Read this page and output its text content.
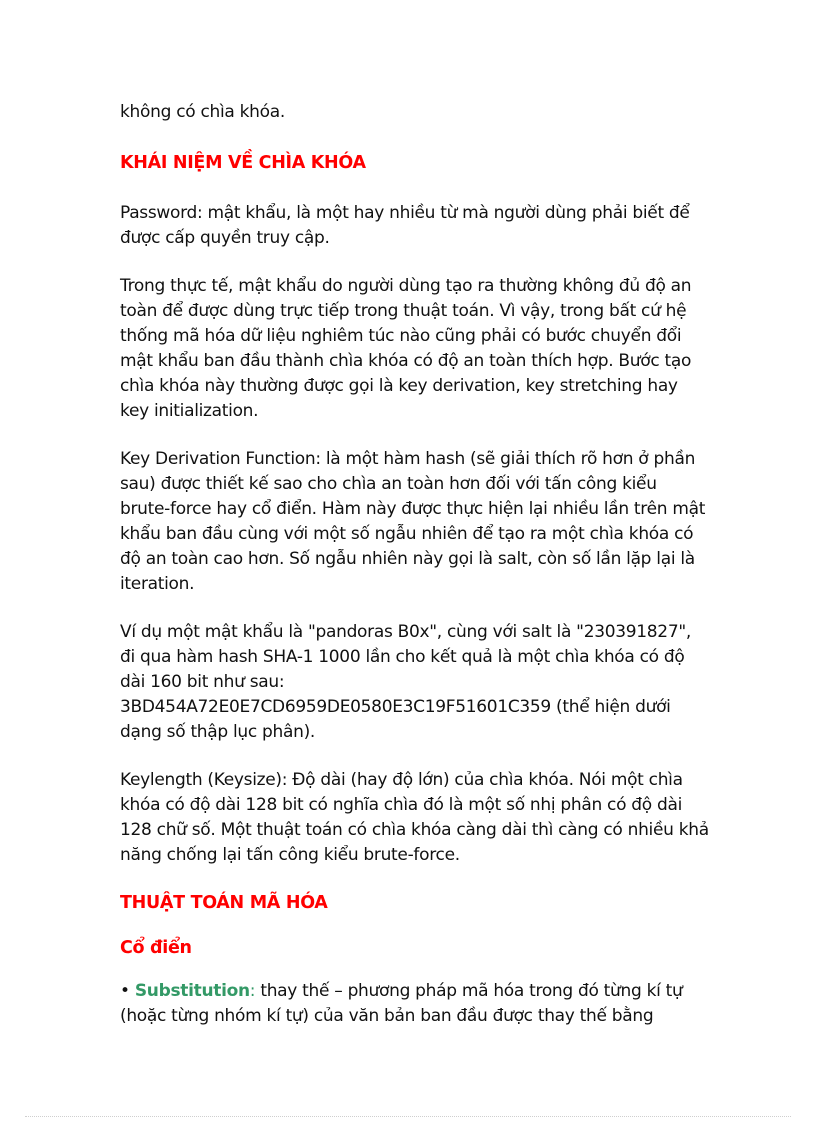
không có chìa khóa.

KHÁI NIỆM VỀ CHÌA KHÓA

Password: mật khẩu, là một hay nhiều từ mà người dùng phải biết để được cấp quyền truy cập.

Trong thực tế, mật khẩu do người dùng tạo ra thường không đủ độ an toàn để được dùng trực tiếp trong thuật toán. Vì vậy, trong bất cứ hệ thống mã hóa dữ liệu nghiêm túc nào cũng phải có bước chuyển đổi mật khẩu ban đầu thành chìa khóa có độ an toàn thích hợp. Bước tạo chìa khóa này thường được gọi là key derivation, key stretching hay key initialization.

Key Derivation Function: là một hàm hash (sẽ giải thích rõ hơn ở phần sau) được thiết kế sao cho chìa an toàn hơn đối với tấn công kiểu brute-force hay cổ điển. Hàm này được thực hiện lại nhiều lần trên mật khẩu ban đầu cùng với một số ngẫu nhiên để tạo ra một chìa khóa có độ an toàn cao hơn. Số ngẫu nhiên này gọi là salt, còn số lần lặp lại là iteration.

Ví dụ một mật khẩu là "pandoras B0x", cùng với salt là "230391827", đi qua hàm hash SHA-1 1000 lần cho kết quả là một chìa khóa có độ dài 160 bit như sau:
3BD454A72E0E7CD6959DE0580E3C19F51601C359 (thể hiện dưới dạng số thập lục phân).

Keylength (Keysize): Độ dài (hay độ lớn) của chìa khóa. Nói một chìa khóa có độ dài 128 bit có nghĩa chìa đó là một số nhị phân có độ dài 128 chữ số. Một thuật toán có chìa khóa càng dài thì càng có nhiều khả năng chống lại tấn công kiểu brute-force.

THUẬT TOÁN MÃ HÓA
Cổ điển

• Substitution: thay thế – phương pháp mã hóa trong đó từng kí tự (hoặc từng nhóm kí tự) của văn bản ban đầu được thay thế bằng
